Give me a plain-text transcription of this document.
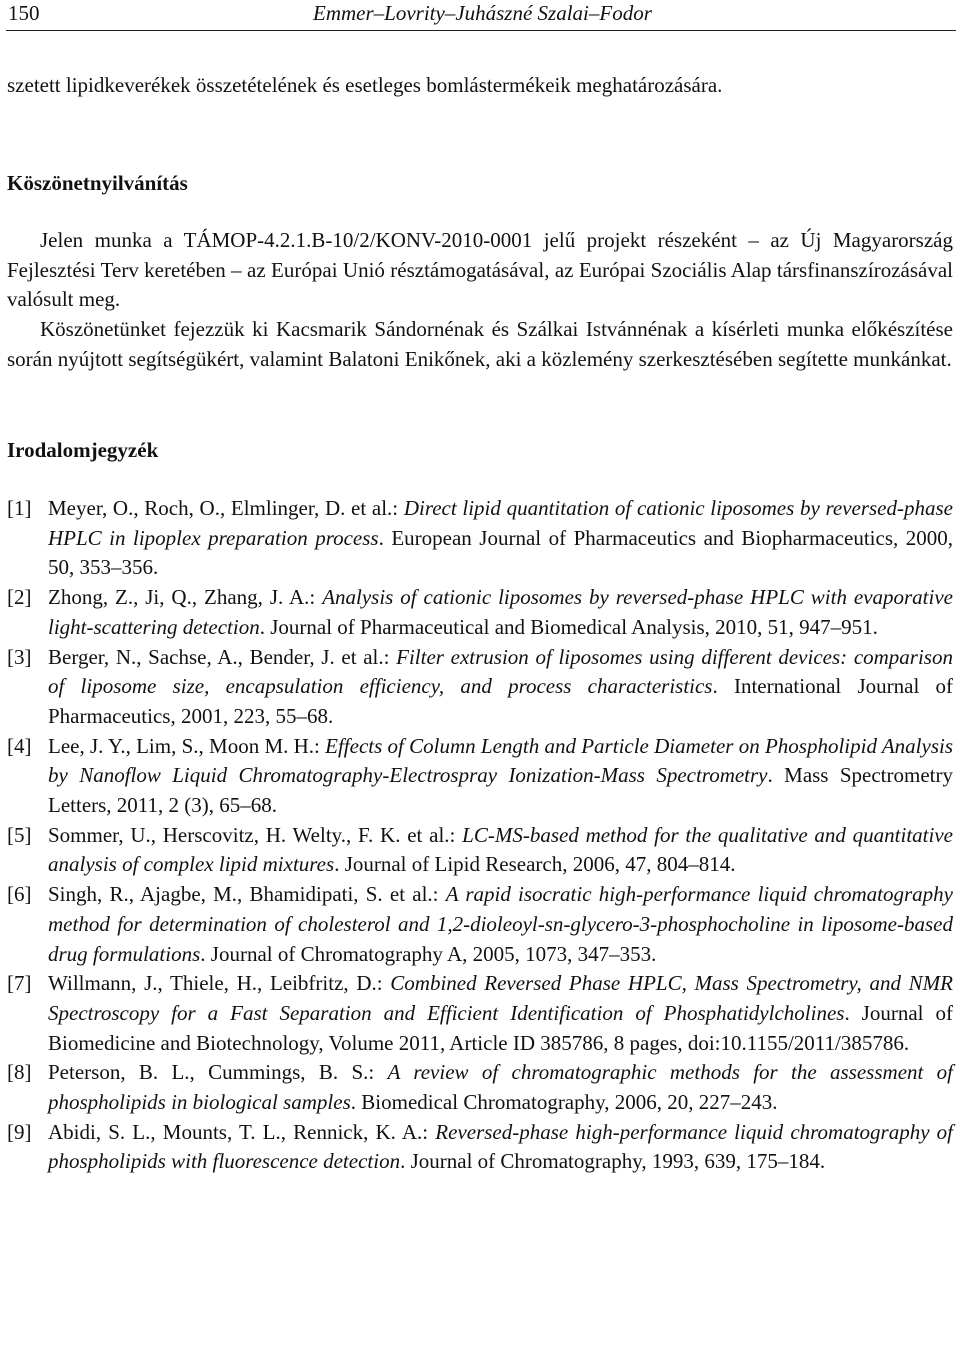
150	Emmer–Lovrity–Juhászné Szalai–Fodor

szetett lipidkeverékek összetételének és esetleges bomlástermékeik meghatározására.

Köszönetnyilvánítás

Jelen munka a TÁMOP-4.2.1.B-10/2/KONV-2010-0001 jelű projekt részeként – az Új Magyarország Fejlesztési Terv keretében – az Európai Unió résztámogatásával, az Európai Szociális Alap társfinanszírozásával valósult meg.

Köszönetünket fejezzük ki Kacsmarik Sándornénak és Szálkai Istvánnénak a kísérleti munka előkészítése során nyújtott segítségükért, valamint Balatoni Enikőnek, aki a közlemény szerkesztésében segítette munkánkat.

Irodalomjegyzék
[1] Meyer, O., Roch, O., Elmlinger, D. et al.: Direct lipid quantitation of cationic liposomes by reversed-phase HPLC in lipoplex preparation process. European Journal of Pharmaceutics and Biopharmaceutics, 2000, 50, 353–356.
[2] Zhong, Z., Ji, Q., Zhang, J. A.: Analysis of cationic liposomes by reversed-phase HPLC with evaporative light-scattering detection. Journal of Pharmaceutical and Biomedical Analysis, 2010, 51, 947–951.
[3] Berger, N., Sachse, A., Bender, J. et al.: Filter extrusion of liposomes using different devices: comparison of liposome size, encapsulation efficiency, and process characteristics. International Journal of Pharmaceutics, 2001, 223, 55–68.
[4] Lee, J. Y., Lim, S., Moon M. H.: Effects of Column Length and Particle Diameter on Phospholipid Analysis by Nanoflow Liquid Chromatography-Electrospray Ionization-Mass Spectrometry. Mass Spectrometry Letters, 2011, 2 (3), 65–68.
[5] Sommer, U., Herscovitz, H. Welty., F. K. et al.: LC-MS-based method for the qualitative and quantitative analysis of complex lipid mixtures. Journal of Lipid Research, 2006, 47, 804–814.
[6] Singh, R., Ajagbe, M., Bhamidipati, S. et al.: A rapid isocratic high-performance liquid chromatography method for determination of cholesterol and 1,2-dioleoyl-sn-glycero-3-phosphocholine in liposome-based drug formulations. Journal of Chromatography A, 2005, 1073, 347–353.
[7] Willmann, J., Thiele, H., Leibfritz, D.: Combined Reversed Phase HPLC, Mass Spectrometry, and NMR Spectroscopy for a Fast Separation and Efficient Identification of Phosphatidylcholines. Journal of Biomedicine and Biotechnology, Volume 2011, Article ID 385786, 8 pages, doi:10.1155/2011/385786.
[8] Peterson, B. L., Cummings, B. S.: A review of chromatographic methods for the assessment of phospholipids in biological samples. Biomedical Chromatography, 2006, 20, 227–243.
[9] Abidi, S. L., Mounts, T. L., Rennick, K. A.: Reversed-phase high-performance liquid chromatography of phospholipids with fluorescence detection. Journal of Chromatography, 1993, 639, 175–184.
